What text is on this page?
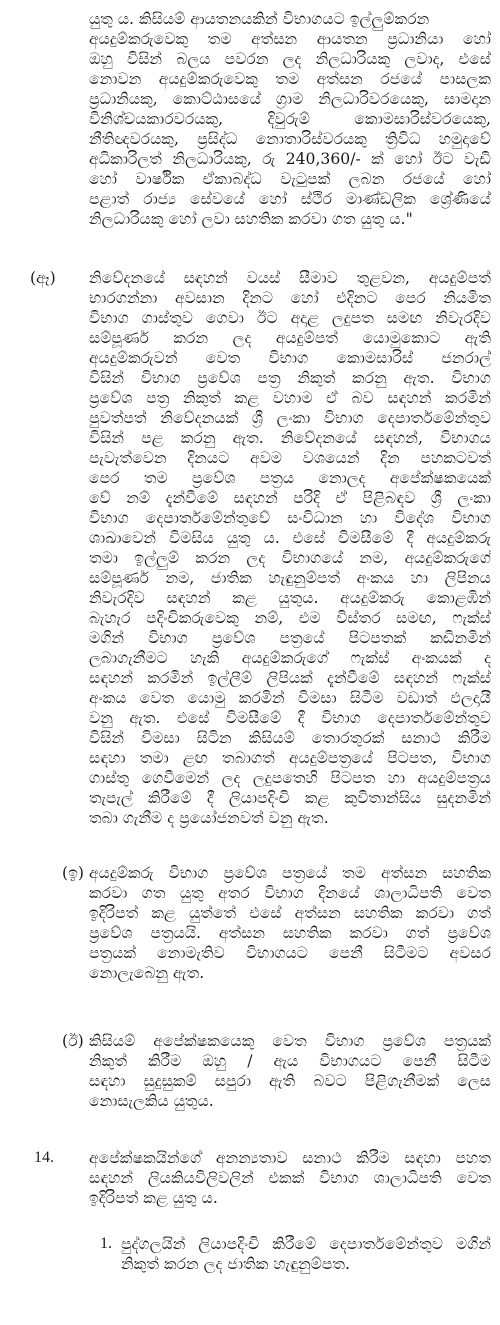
යුතු ය. කිසියම් ආයතනයකින් විභාගයට ඉල්ලුම්කරන
අයදුම්කරුවෙකු තම අත්සන ආයතන ප්‍රධානියා හෝ
ඔහු විසින් බලය පවරන ලද නිලධාරියකු ලවාද, එසේ
නොවන අයදුම්කරුවෙකු තම අත්සන රජයේ පාසලක
ප්‍රධානියකු, කොට්ඨාසයේ ග්‍රාම නිලධාරිවරයෙකු, සාමදාන
විනිශ්චයකාරවරයකු, දිවුරුම් කොමසාරිස්වරයෙකු,
නීතිඥවරයකු, ප්‍රසිද්ධ නොතාරිස්වරයකු ත්‍රිවිධ හමුදාවේ
අධිකාරිලත් නිලධාරියකු, රු 240,360/- ක් හෝ ඊට වැඩි
හෝ වාර්ෂික ඒකාබද්ධ වැටුපක් ලබන රජයේ හෝ
පළාත් රාජ්‍ය සේවයේ හෝ ස්ථිර මාණ්ඩලික ශ්‍රේණියේ
නිලධාරියකු හෝ ලවා සහතික කරවා ගත යුතු ය."
(ඈ) නිවේදනයේ සඳහන් වයස් සීමාව තුළවන, අයදුම්පත්
භාරගන්නා අවසාන දිනට හෝ එදිනට පෙර නියමිත
විභාග ගාස්තුව ගෙවා ඊට අදාළ ලදුපත සමඟ නිවැරදිව
සම්පූර්ණ කරන ලද අයදුම්පත් යොමුකොට ඇති
අයදුම්කරුවන් වෙත විභාග කොමසාරිස් ජනරාල්
විසින් විභාග ප්‍රවේශ පත්‍ර නිකුත් කරනු ඇත. විභාග
ප්‍රවේශ පත්‍ර නිකුත් කළ වහාම ඒ බව සඳහන් කරමින්
පුවත්පත් නිවේදනයක් ශ්‍රී ලංකා විභාග දෙපාර්තමේන්තුව
විසින් පළ කරනු ඇත. නිවේදනයේ සඳහන්, විභාගය
පැවැත්වෙන දිනයට අවම වශයෙන් දින පහකටවත්
පෙර තම ප්‍රවේශ පත්‍රය නොලද අපේක්ෂකයෙක්
වේ නම් දැන්වීමේ සඳහන් පරිදි ඒ පිළිබඳව ශ්‍රී ලංකා
විභාග දෙපාර්තමේන්තුවේ සංවිධාන හා විදේශ විභාග
ශාඛාවෙන් විමසිය යුතු ය. එසේ විමසීමේ දී අයදුම්කරු
තමා ඉල්ලුම් කරන ලද විභාගයේ නම, අයදුම්කරුගේ
සම්පූර්ණ නම, ජාතික හැඳුනුම්පත් අංකය හා ලිපිනය
නිවැරදිව සඳහන් කළ යුතුය. අයදුම්කරු කොළඹින්
බැහැර පදිංචිකරුවෙකු නම්, එම විස්තර සමඟ, ෆැක්ස්
මගින් විභාග ප්‍රවේශ පත්‍රයේ පිටපතක් කඩිනමින්
ලබාගැනීමට හැකි අයදුම්කරුගේ ෆැක්ස් අංකයක් ද
සඳහන් කරමින් ඉල්ලීම් ලිපියක් දැන්වීමේ සඳහන් ෆැක්ස්
අංකය වෙත යොමු කරමින් විමසා සිටීම වඩාත් ඵලදායී
වනු ඇත. එසේ විමසීමේ දී විභාග දෙපාර්තමේන්තුව
විසින් විමසා සිටින කිසියම් තොරතුරක් සනාථ කිරීම
සඳහා තමා ළඟ තබාගත් අයදුම්පත්‍රයේ පිටපත, විභාග
ගාස්තු ගෙවීමෙන් ලද ලදුපතෙහි පිටපත හා අයදුම්පත්‍රය
තැපැල් කිරීමේ දී ලියාපදිංචි කළ කුවිතාන්සිය සුදනමින්
තබා ගැනීම ද ප්‍රයෝජනවත් වනු ඇත.
(ඉ) අයදුම්කරු විභාග ප්‍රවේශ පත්‍රයේ තම අත්සන සහතික
කරවා ගත යුතු අතර විභාග දිනයේ ශාලාධිපති වෙත
ඉදිරිපත් කළ යුත්තේ එසේ අත්සන සහතික කරවා ගත්
ප්‍රවේශ පත්‍රයයි. අත්සන සහතික කරවා ගත් ප්‍රවේශ
පත්‍රයක් නොමැතිව විභාගයට පෙනී සිටීමට අවසර
නොලැබෙනු ඇත.
(ඊ) කිසියම් අපේක්ෂකයෙකු වෙත විභාග ප්‍රවේශ පත්‍රයක්
නිකුත් කිරීම ඔහු / ඇය විභාගයට පෙනී සිටීම
සඳහා සුදුසුකම් සපුරා ඇති බවට පිළිගැනීමක් ලෙස
නොසැලකිය යුතුය.
14. අපේක්ෂකයින්ගේ අනන්‍යතාව සනාථ කිරීම සඳහා පහත
සඳහන් ලියකියවිලිවලින් එකක් විභාග ශාලාධිපති වෙත
ඉදිරිපත් කළ යුතු ය.
1. පුද්ගලයින් ලියාපදිංචි කිරීමේ දෙපාර්තමේන්තුව මගින්
නිකුත් කරන ලද ජාතික හැඳුනුම්පත.
